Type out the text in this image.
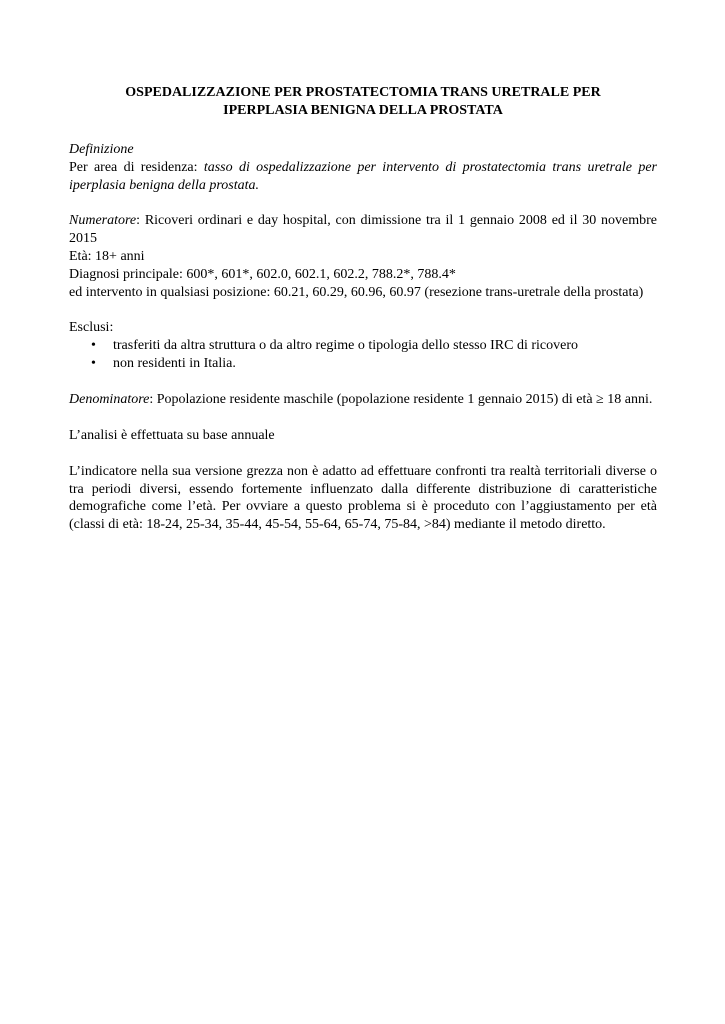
OSPEDALIZZAZIONE PER PROSTATECTOMIA TRANS URETRALE PER
IPERPLASIA BENIGNA DELLA PROSTATA
Definizione

Per area di residenza: tasso di ospedalizzazione per intervento di prostatectomia trans uretrale per iperplasia benigna della prostata.

Numeratore: Ricoveri ordinari e day hospital, con dimissione tra il 1 gennaio 2008 ed il 30 novembre 2015

Età: 18+ anni

Diagnosi principale: 600*, 601*, 602.0, 602.1, 602.2, 788.2*, 788.4*

ed intervento in qualsiasi posizione: 60.21, 60.29, 60.96, 60.97 (resezione trans-uretrale della prostata)

Esclusi:

• trasferiti da altra struttura o da altro regime o tipologia dello stesso IRC di ricovero
• non residenti in Italia.

Denominatore: Popolazione residente maschile (popolazione residente 1 gennaio 2015) di età ≥ 18 anni.

L’analisi è effettuata su base annuale

L’indicatore nella sua versione grezza non è adatto ad effettuare confronti tra realtà territoriali diverse o tra periodi diversi, essendo fortemente influenzato dalla differente distribuzione di caratteristiche demografiche come l’età. Per ovviare a questo problema si è proceduto con l’aggiustamento per età (classi di età: 18-24, 25-34, 35-44, 45-54, 55-64, 65-74, 75-84, >84) mediante il metodo diretto.
